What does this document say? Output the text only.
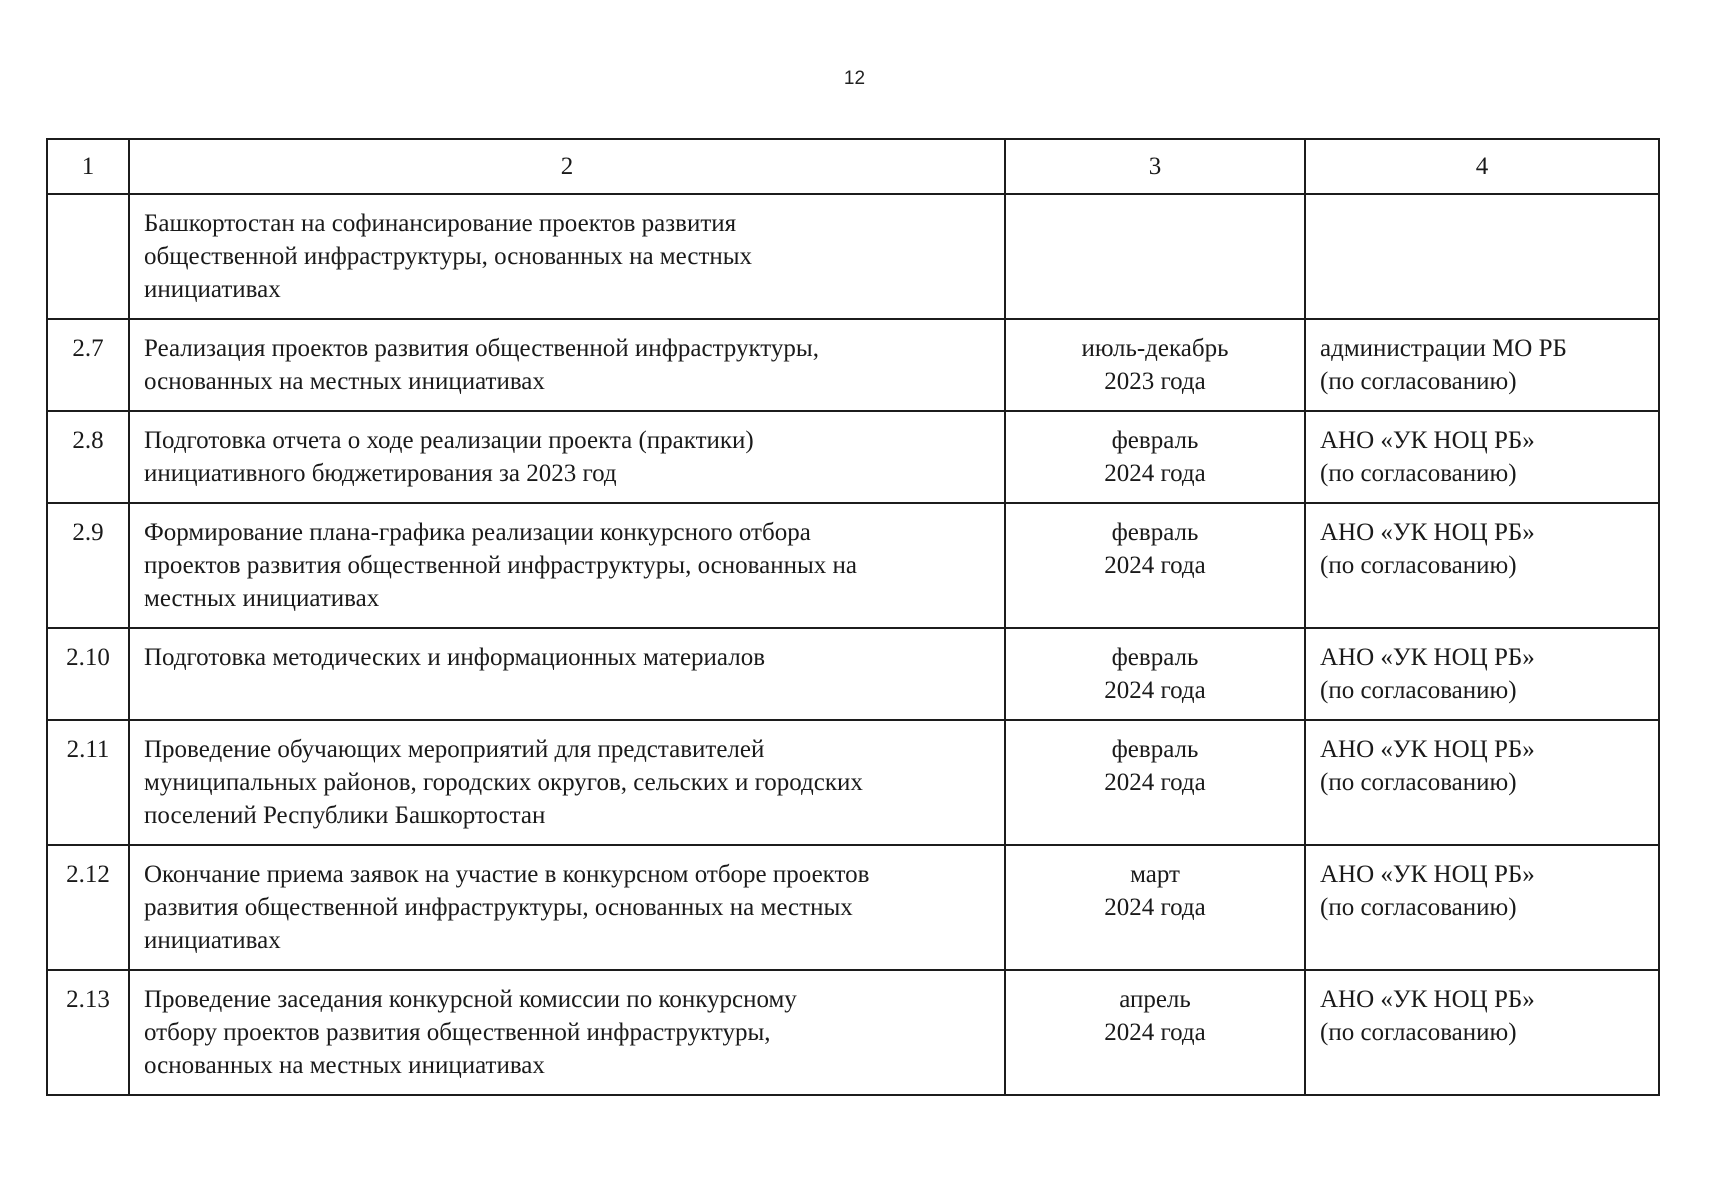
12
1	2	3	4

	Башкортостан на софинансирование проектов развития
общественной инфраструктуры, основанных на местных
инициативах		

2.7	Реализация проектов развития общественной инфраструктуры,
основанных на местных инициативах	июль-декабрь
2023 года	администрации МО РБ
(по согласованию)

2.8	Подготовка отчета о ходе реализации проекта (практики)
инициативного бюджетирования за 2023 год	февраль
2024 года	АНО «УК НОЦ РБ»
(по согласованию)

2.9	Формирование плана-графика реализации конкурсного отбора
проектов развития общественной инфраструктуры, основанных на
местных инициативах	февраль
2024 года	АНО «УК НОЦ РБ»
(по согласованию)

2.10	Подготовка методических и информационных материалов	февраль
2024 года	АНО «УК НОЦ РБ»
(по согласованию)

2.11	Проведение обучающих мероприятий для представителей
муниципальных районов, городских округов, сельских и городских
поселений Республики Башкортостан	февраль
2024 года	АНО «УК НОЦ РБ»
(по согласованию)

2.12	Окончание приема заявок на участие в конкурсном отборе проектов
развития общественной инфраструктуры, основанных на местных
инициативах	март
2024 года	АНО «УК НОЦ РБ»
(по согласованию)

2.13	Проведение заседания конкурсной комиссии по конкурсному
отбору проектов развития общественной инфраструктуры,
основанных на местных инициативах	апрель
2024 года	АНО «УК НОЦ РБ»
(по согласованию)
